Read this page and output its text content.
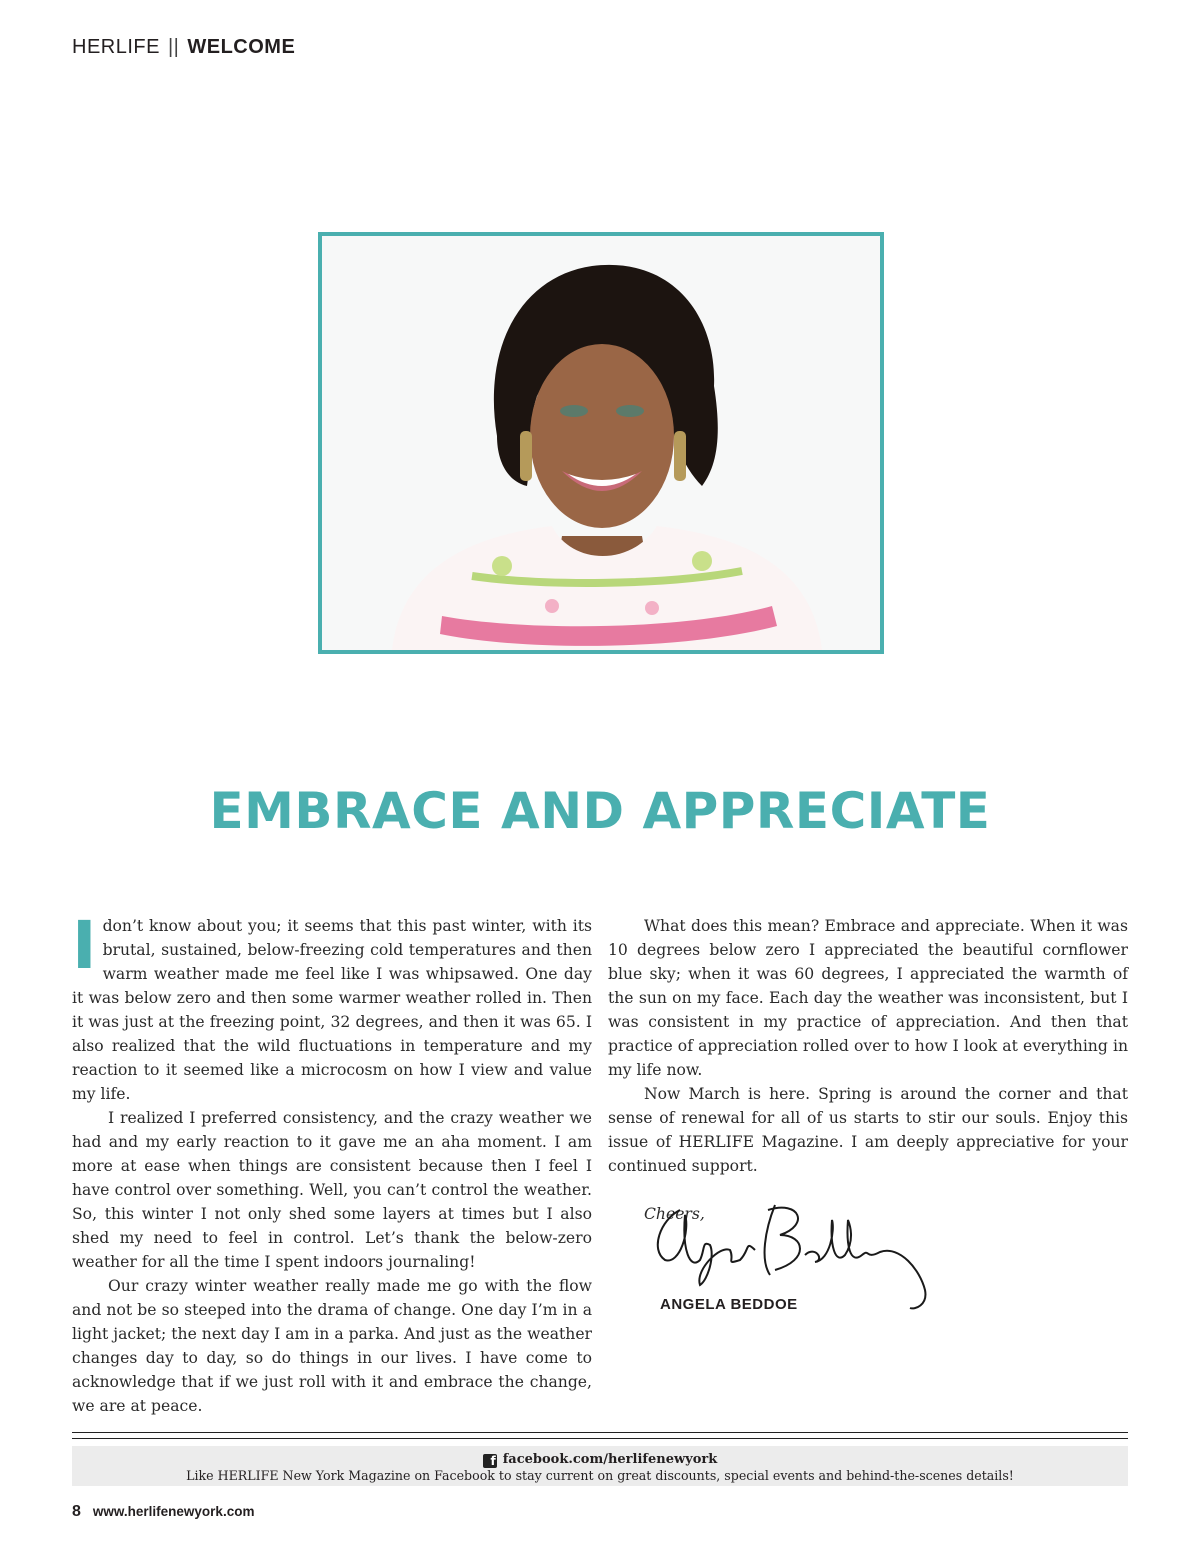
HERLIFE || WELCOME
EMBRACE AND APPRECIATE

Idon’t know about you; it seems that this past winter, with its brutal, sustained, below-freezing cold temperatures and then warm weather made me feel like I was whipsawed. One day it was below zero and then some warmer weather rolled in. Then it was just at the freezing point, 32 degrees, and then it was 65. I also realized that the wild fluctuations in temperature and my reaction to it seemed like a microcosm on how I view and value my life.

I realized I preferred consistency, and the crazy weather we had and my early reaction to it gave me an aha moment. I am more at ease when things are consistent because then I feel I have control over something. Well, you can’t control the weather. So, this winter I not only shed some layers at times but I also shed my need to feel in control. Let’s thank the below-zero weather for all the time I spent indoors journaling!

Our crazy winter weather really made me go with the flow and not be so steeped into the drama of change. One day I’m in a light jacket; the next day I am in a parka. And just as the weather changes day to day, so do things in our lives. I have come to acknowledge that if we just roll with it and embrace the change, we are at peace.

What does this mean? Embrace and appreciate. When it was 10 degrees below zero I appreciated the beautiful cornflower blue sky; when it was 60 degrees, I appreciated the warmth of the sun on my face. Each day the weather was inconsistent, but I was consistent in my practice of appreciation. And then that practice of appreciation rolled over to how I look at everything in my life now.

Now March is here. Spring is around the corner and that sense of renewal for all of us starts to stir our souls. Enjoy this issue of HERLIFE Magazine. I am deeply appreciative for your continued support.

Cheers,
ANGELA BEDDOE
f facebook.com/herlifenewyork
Like HERLIFE New York Magazine on Facebook to stay current on great discounts, special events and behind-the-scenes details!
8 www.herlifenewyork.com
